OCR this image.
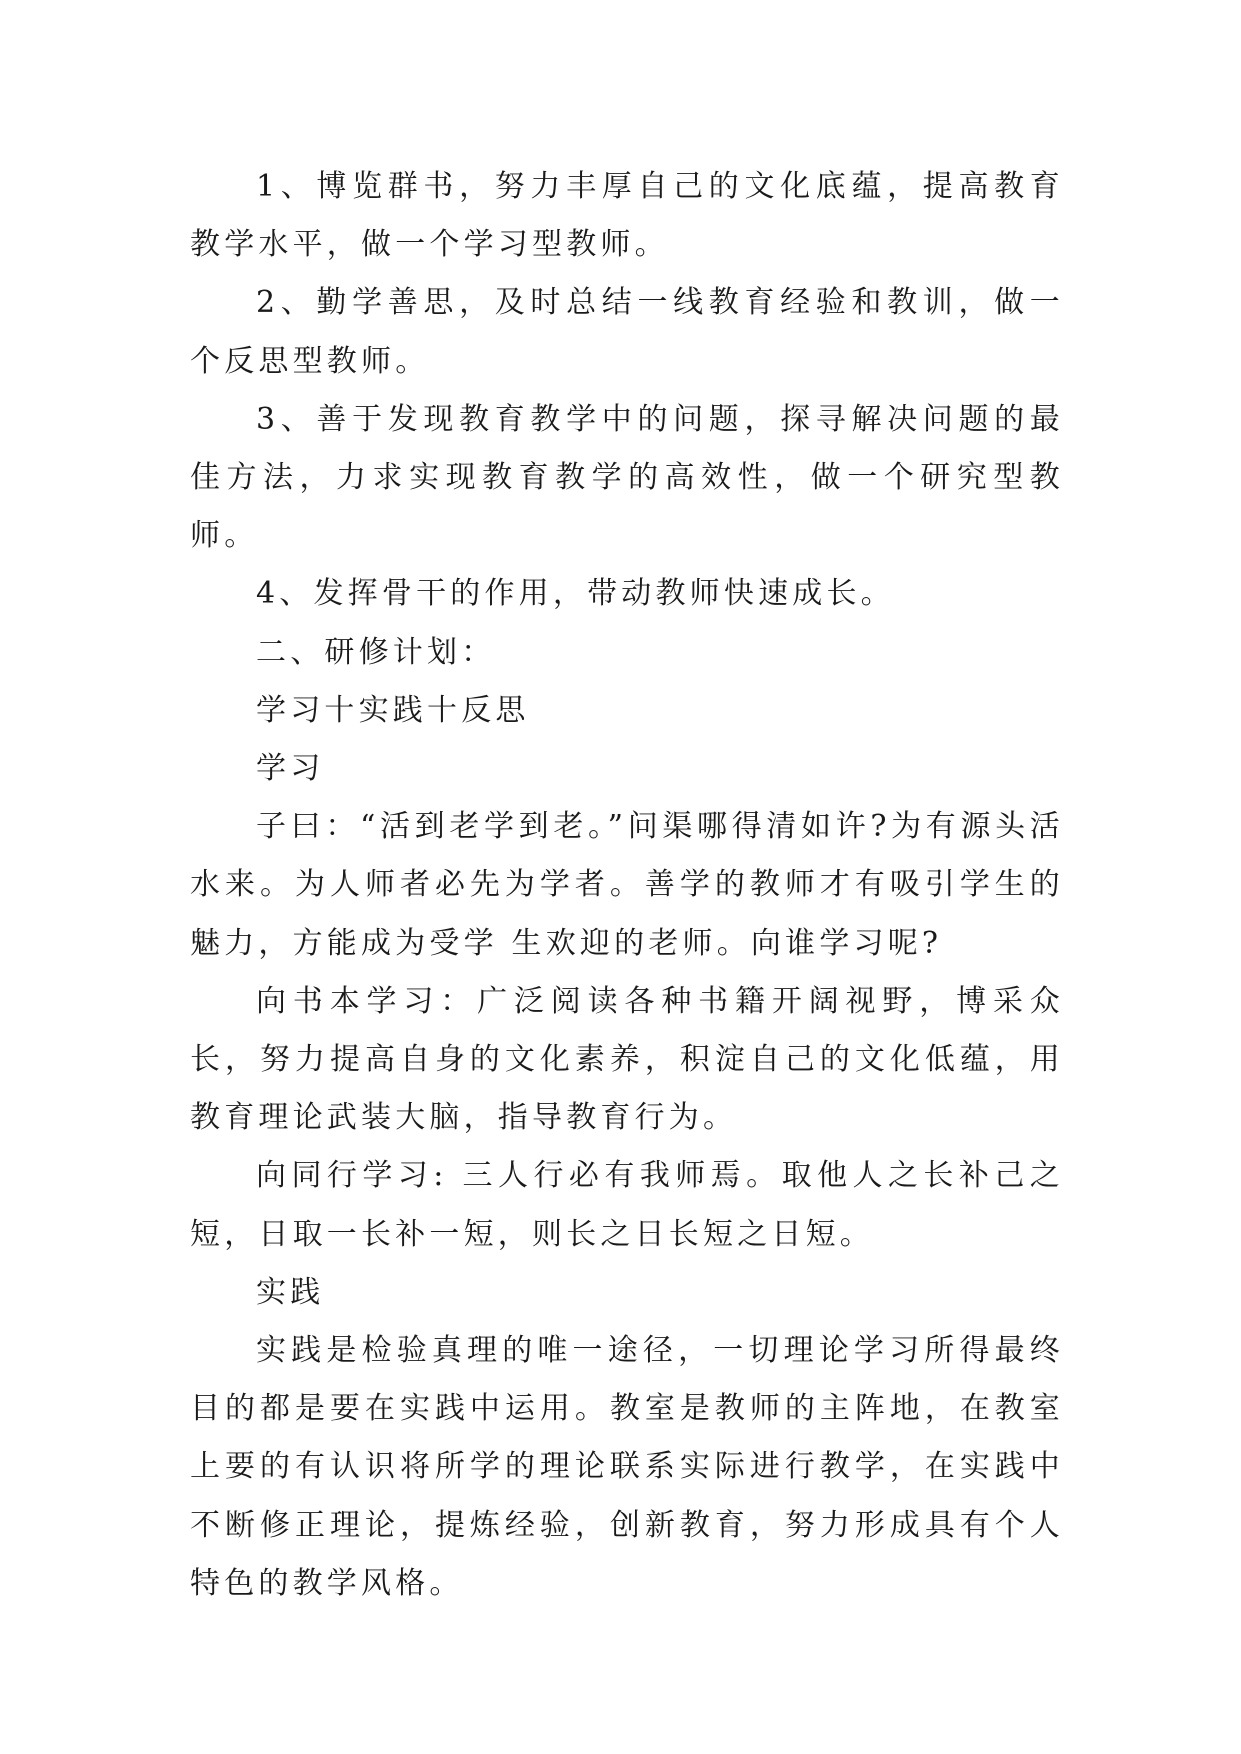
1、博览群书，努力丰厚自己的文化底蕴，提高教育教学水平，做一个学习型教师。

2、勤学善思，及时总结一线教育经验和教训，做一个反思型教师。

3、善于发现教育教学中的问题，探寻解决问题的最佳方法，力求实现教育教学的高效性，做一个研究型教师。

4、发挥骨干的作用，带动教师快速成长。

二、研修计划：

学习十实践十反思

学习

子曰：“活到老学到老。”问渠哪得清如许?为有源头活水来。为人师者必先为学者。善学的教师才有吸引学生的魅力，方能成为受学 生欢迎的老师。向谁学习呢?

向书本学习：广泛阅读各种书籍开阔视野，博采众长，努力提高自身的文化素养，积淀自己的文化低蕴，用教育理论武装大脑，指导教育行为。

向同行学习: 三人行必有我师焉。取他人之长补己之短，日取一长补一短，则长之日长短之日短。

实践

实践是检验真理的唯一途径，一切理论学习所得最终目的都是要在实践中运用。教室是教师的主阵地，在教室上要的有认识将所学的理论联系实际进行教学，在实践中不断修正理论，提炼经验，创新教育，努力形成具有个人特色的教学风格。
